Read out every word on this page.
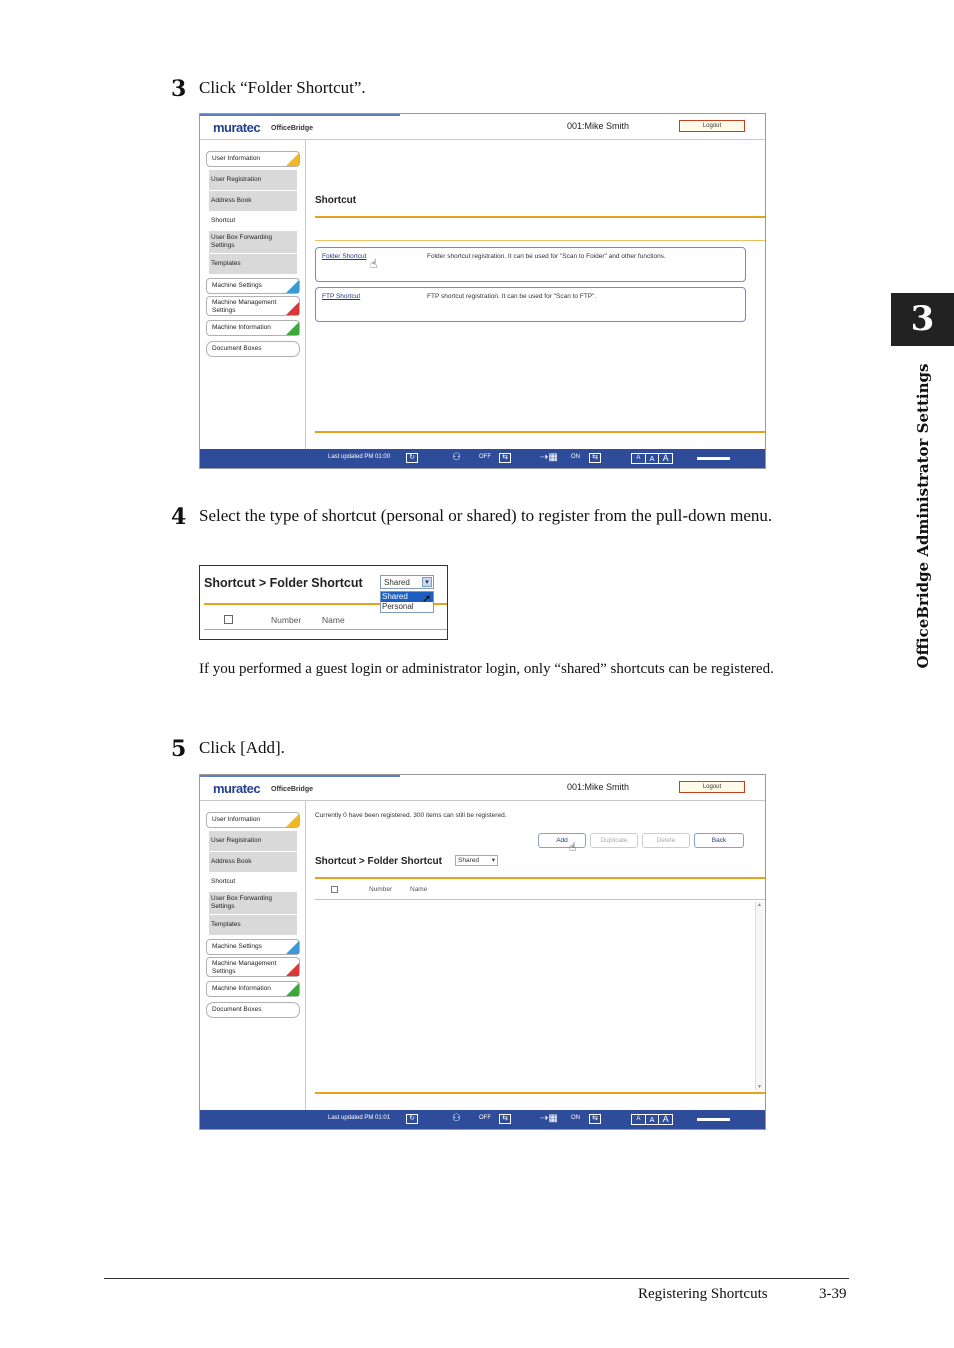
3 Click “Folder Shortcut”.
muratec OfficeBridge	001:Mike Smith	Logout
User Information
User Registration
Address Book
Shortcut
User Box Forwarding
Settings
Templates
Machine Settings
Machine Management
Settings
Machine Information
Document Boxes
Shortcut
Folder Shortcut	Folder shortcut registration. It can be used for "Scan to Folder" and other functions.
☝
FTP Shortcut	FTP shortcut registration. It can be used for "Scan to FTP".
Last updated PM 01:00	↻	⚇	OFF	⇆	⇢▦ ON	⇆	A	A A
4 Select the type of shortcut (personal or shared) to register from the pull-down menu.
Shortcut > Folder Shortcut	Shared	▾
Shared
Personal
➚
Number Name
If you performed a guest login or administrator login, only “shared” shortcuts can be registered.
5 Click [Add].
muratec OfficeBridge	001:Mike Smith	Logout
User Information
User Registration
Address Book
Shortcut
User Box Forwarding
Settings
Templates
Machine Settings
Machine Management
Settings
Machine Information
Document Boxes
Currently 0 have been registered. 300 items can still be registered.
Add ☝	Duplicate	Delete	Back
Shortcut > Folder Shortcut Shared ▾
Number	Name
▲
▼
Last updated PM 01:01	↻	⚇	OFF	⇆	⇢▦ ON	⇆	A	A A
3
OfficeBridge Administrator Settings
Registering Shortcuts	3-39
